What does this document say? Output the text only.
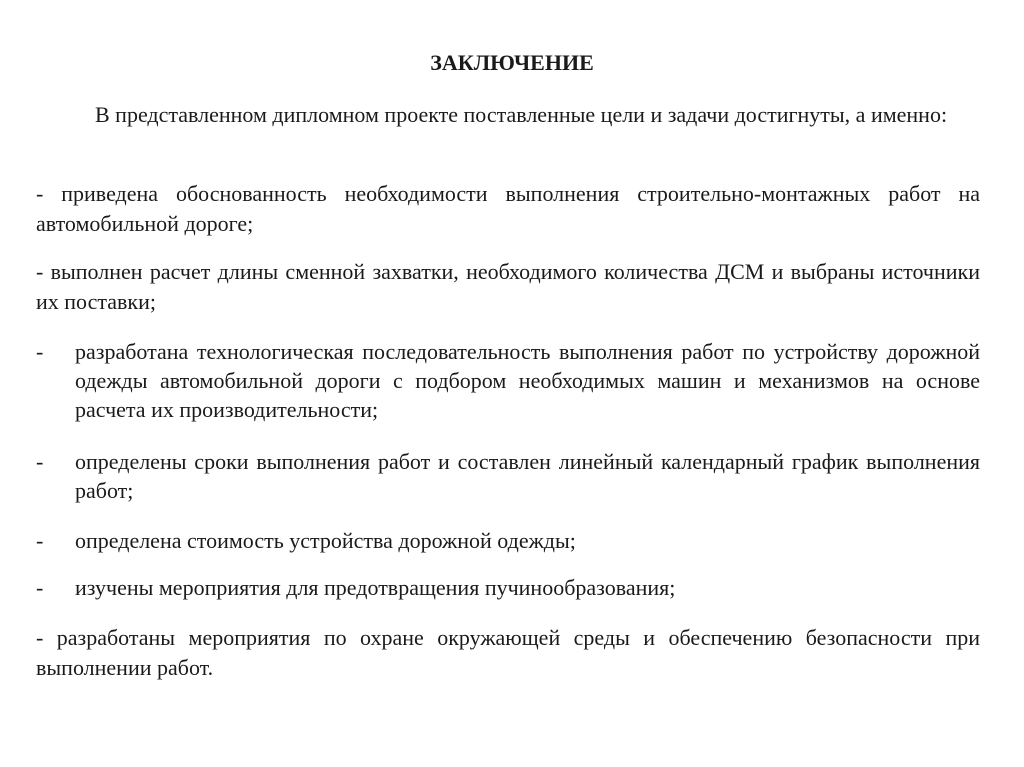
ЗАКЛЮЧЕНИЕ
В представленном дипломном проекте поставленные цели и задачи достигнуты, а именно:
- приведена обоснованность необходимости выполнения строительно-монтажных работ на автомобильной дороге;
- выполнен расчет длины сменной захватки, необходимого количества ДСМ и выбраны источники их поставки;
- разработана технологическая последовательность выполнения работ по устройству дорожной одежды автомобильной дороги с подбором необходимых машин и механизмов на основе расчета их производительности;
- определены сроки выполнения работ и составлен линейный календарный график выполнения работ;
- определена стоимость устройства дорожной одежды;
- изучены мероприятия для предотвращения пучинообразования;
- разработаны мероприятия по охране окружающей среды и обеспечению безопасности при выполнении работ.
